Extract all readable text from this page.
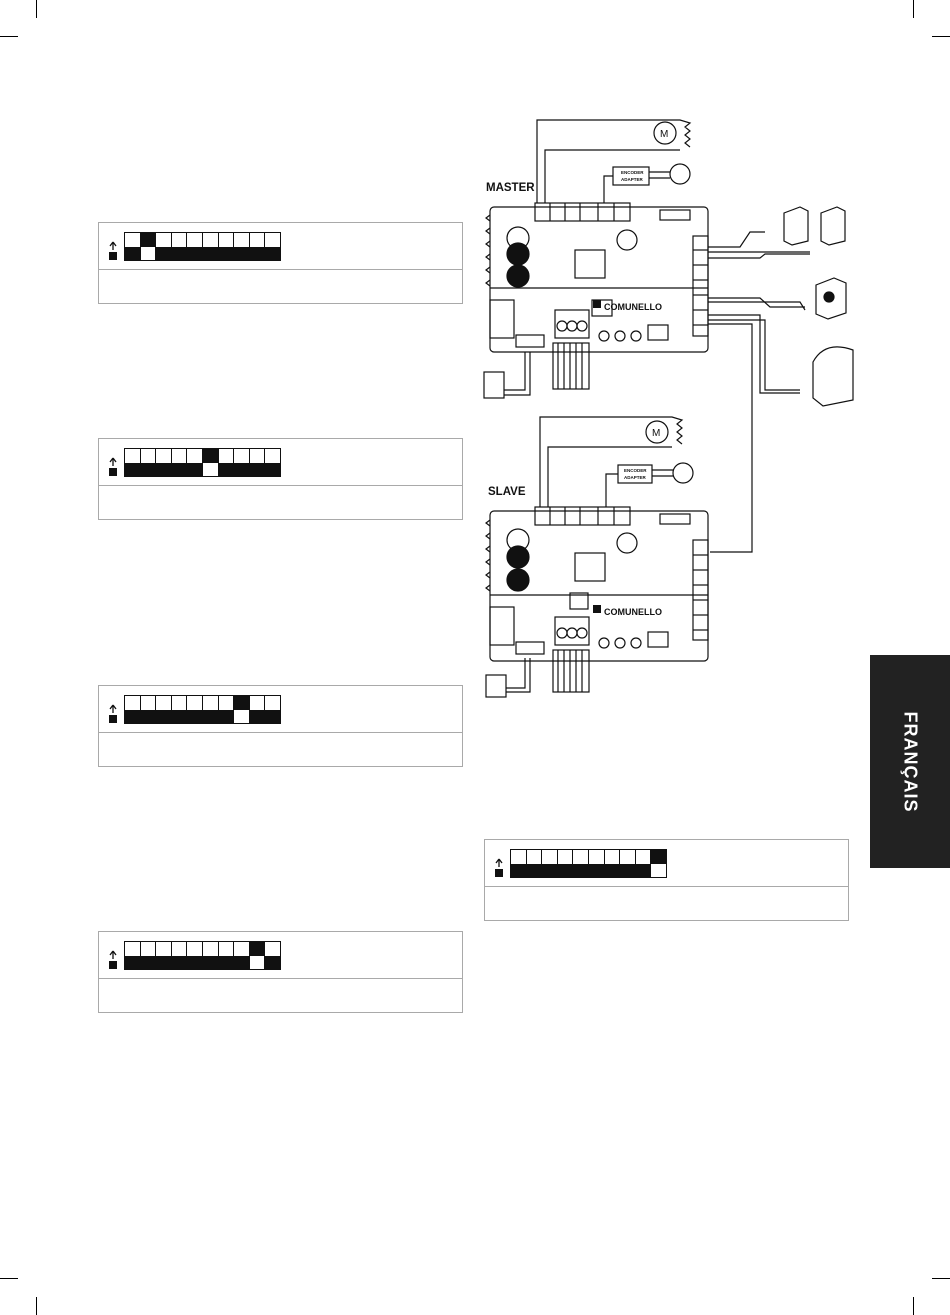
MASTER
SLAVE
COMUNELLO
COMUNELLO
ENCODER
ADAPTER
ENCODER
ADAPTER
M
M
FRANÇAIS
